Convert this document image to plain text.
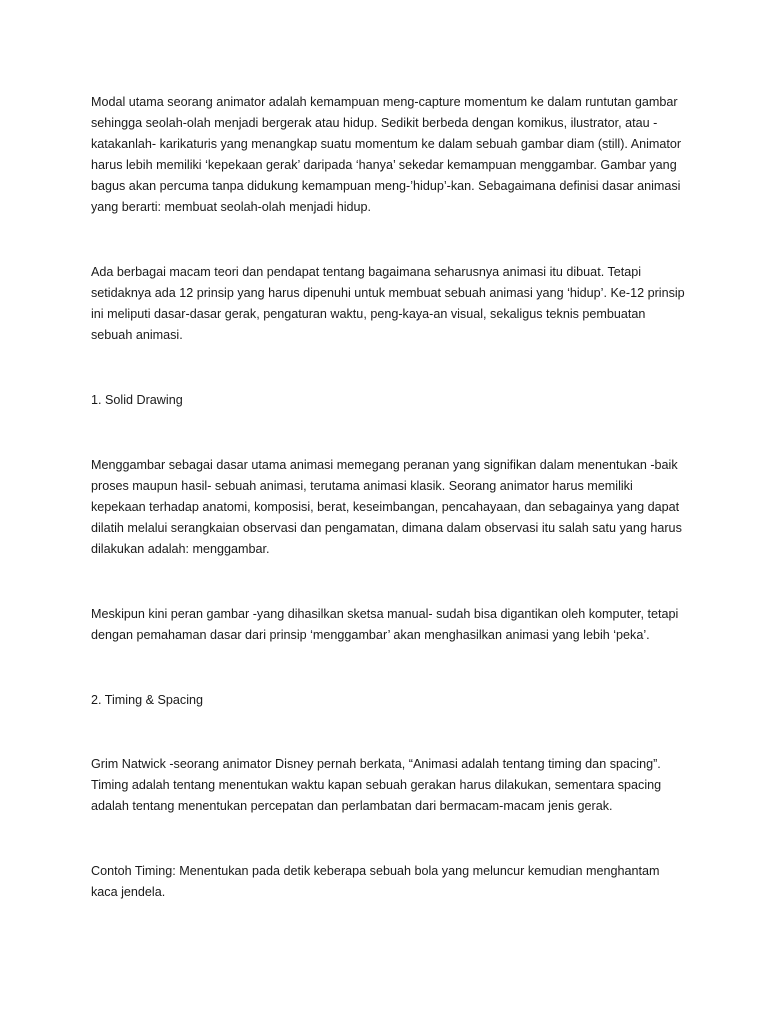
Modal utama seorang animator adalah kemampuan meng-capture momentum ke dalam runtutan gambar sehingga seolah-olah menjadi bergerak atau hidup. Sedikit berbeda dengan komikus, ilustrator, atau -katakanlah- karikaturis yang menangkap suatu momentum ke dalam sebuah gambar diam (still). Animator harus lebih memiliki ‘kepekaan gerak’ daripada ‘hanya’ sekedar kemampuan menggambar. Gambar yang bagus akan percuma tanpa didukung kemampuan meng-’hidup’-kan. Sebagaimana definisi dasar animasi yang berarti: membuat seolah-olah menjadi hidup.

Ada berbagai macam teori dan pendapat tentang bagaimana seharusnya animasi itu dibuat. Tetapi setidaknya ada 12 prinsip yang harus dipenuhi untuk membuat sebuah animasi yang ‘hidup’. Ke-12 prinsip ini meliputi dasar-dasar gerak, pengaturan waktu, peng-kaya-an visual, sekaligus teknis pembuatan sebuah animasi.

1. Solid Drawing

Menggambar sebagai dasar utama animasi memegang peranan yang signifikan dalam menentukan -baik proses maupun hasil- sebuah animasi, terutama animasi klasik. Seorang animator harus memiliki kepekaan terhadap anatomi, komposisi, berat, keseimbangan, pencahayaan, dan sebagainya yang dapat dilatih melalui serangkaian observasi dan pengamatan, dimana dalam observasi itu salah satu yang harus dilakukan adalah: menggambar.

Meskipun kini peran gambar -yang dihasilkan sketsa manual- sudah bisa digantikan oleh komputer, tetapi dengan pemahaman dasar dari prinsip ‘menggambar’ akan menghasilkan animasi yang lebih ‘peka’.

2. Timing & Spacing

Grim Natwick -seorang animator Disney pernah berkata, “Animasi adalah tentang timing dan spacing”. Timing adalah tentang menentukan waktu kapan sebuah gerakan harus dilakukan, sementara spacing adalah tentang menentukan percepatan dan perlambatan dari bermacam-macam jenis gerak.

Contoh Timing: Menentukan pada detik keberapa sebuah bola yang meluncur kemudian menghantam kaca jendela.
